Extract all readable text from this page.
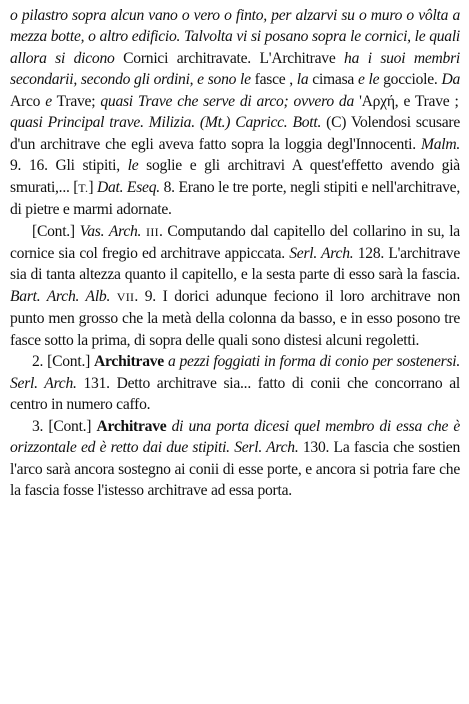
o pilastro sopra alcun vano o vero o finto, per alzarvi su o muro o vôlta a mezza botte, o altro edificio. Talvolta vi si posano sopra le cornici, le quali allora si dicono Cornici architravate. L'Architrave ha i suoi membri secondarii, secondo gli ordini, e sono le fasce , la cimasa e le gocciole. Da Arco e Trave; quasi Trave che serve di arco; ovvero da 'Αρχή, e Trave ; quasi Principal trave. Milizia. (Mt.) Capricc. Bott. (C) Volendosi scusare d'un architrave che egli aveva fatto sopra la loggia degl'Innocenti. Malm. 9. 16. Gli stipiti, le soglie e gli architravi A quest'effetto avendo già smurati,... [T.] Dat. Eseq. 8. Erano le tre porte, negli stipiti e nell'architrave, di pietre e marmi adornate.

[Cont.] Vas. Arch. III. Computando dal capitello del collarino in su, la cornice sia col fregio ed architrave appiccata. Serl. Arch. 128. L'architrave sia di tanta altezza quanto il capitello, e la sesta parte di esso sarà la fascia. Bart. Arch. Alb. VII. 9. I dorici adunque feciono il loro architrave non punto men grosso che la metà della colonna da basso, e in esso posono tre fasce sotto la prima, di sopra delle quali sono distesi alcuni regoletti.

2. [Cont.] Architrave a pezzi foggiati in forma di conio per sostenersi. Serl. Arch. 131. Detto architrave sia... fatto di conii che concorrano al centro in numero caffo.

3. [Cont.] Architrave di una porta dicesi quel membro di essa che è orizzontale ed è retto dai due stipiti. Serl. Arch. 130. La fascia che sostien l'arco sarà ancora sostegno ai conii di esse porte, e ancora si potria fare che la fascia fosse l'istesso architrave ad essa porta.
